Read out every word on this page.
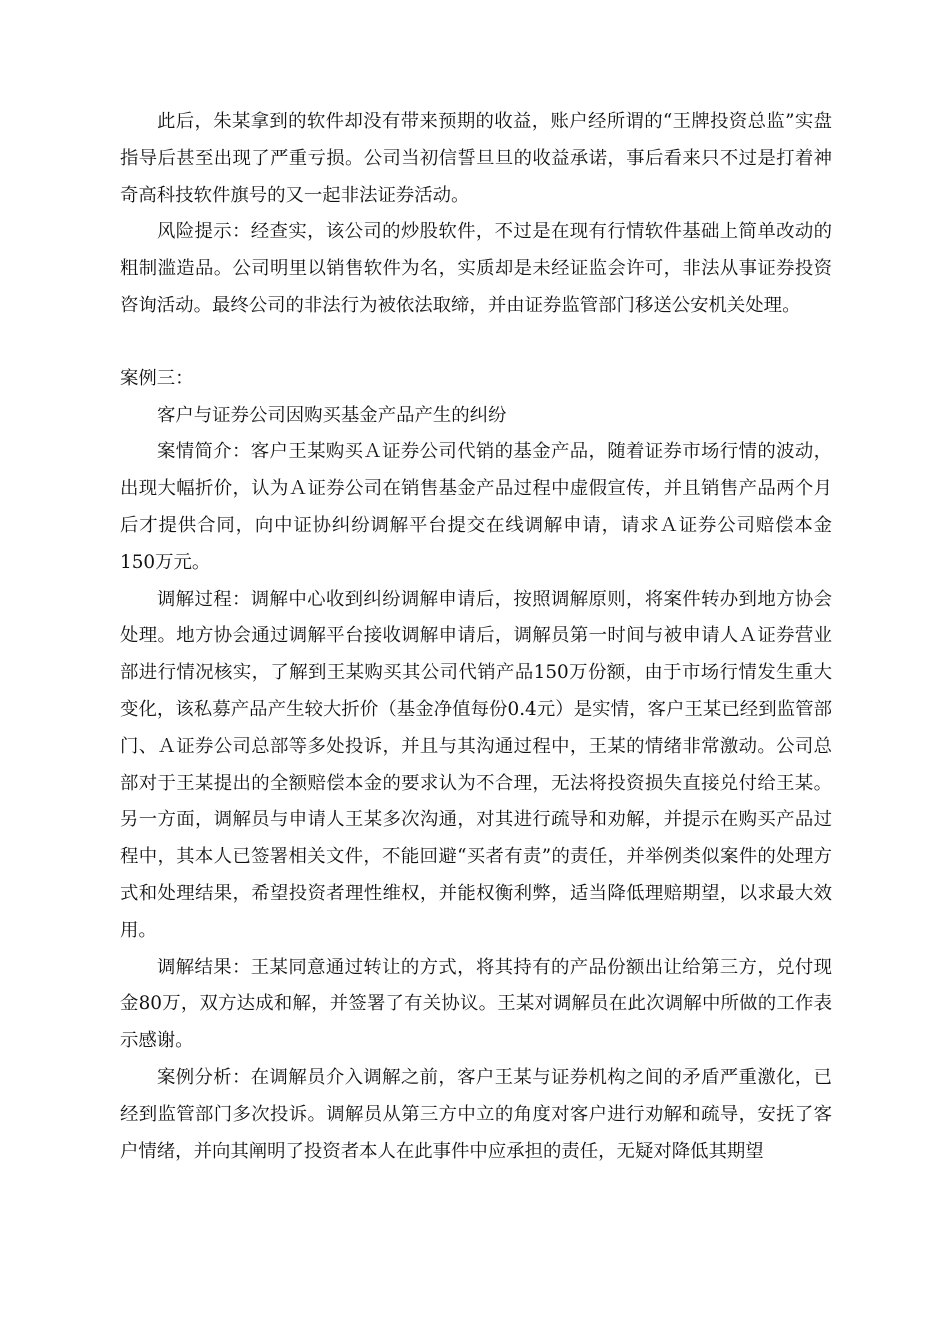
此后，朱某拿到的软件却没有带来预期的收益，账户经所谓的“王牌投资总监”实盘指导后甚至出现了严重亏损。公司当初信誓旦旦的收益承诺，事后看来只不过是打着神奇高科技软件旗号的又一起非法证券活动。

风险提示：经查实，该公司的炒股软件，不过是在现有行情软件基础上简单改动的粗制滥造品。公司明里以销售软件为名，实质却是未经证监会许可，非法从事证券投资咨询活动。最终公司的非法行为被依法取缔，并由证券监管部门移送公安机关处理。

案例三：

客户与证券公司因购买基金产品产生的纠纷

案情简介：客户王某购买Ａ证券公司代销的基金产品，随着证券市场行情的波动，出现大幅折价，认为Ａ证券公司在销售基金产品过程中虚假宣传，并且销售产品两个月后才提供合同，向中证协纠纷调解平台提交在线调解申请，请求Ａ证券公司赔偿本金150万元。

调解过程：调解中心收到纠纷调解申请后，按照调解原则，将案件转办到地方协会处理。地方协会通过调解平台接收调解申请后，调解员第一时间与被申请人Ａ证券营业部进行情况核实，了解到王某购买其公司代销产品150万份额，由于市场行情发生重大变化，该私募产品产生较大折价（基金净值每份0.4元）是实情，客户王某已经到监管部门、Ａ证券公司总部等多处投诉，并且与其沟通过程中，王某的情绪非常激动。公司总部对于王某提出的全额赔偿本金的要求认为不合理，无法将投资损失直接兑付给王某。另一方面，调解员与申请人王某多次沟通，对其进行疏导和劝解，并提示在购买产品过程中，其本人已签署相关文件，不能回避“买者有责”的责任，并举例类似案件的处理方式和处理结果，希望投资者理性维权，并能权衡利弊，适当降低理赔期望，以求最大效用。

调解结果：王某同意通过转让的方式，将其持有的产品份额出让给第三方，兑付现金80万，双方达成和解，并签署了有关协议。王某对调解员在此次调解中所做的工作表示感谢。

案例分析：在调解员介入调解之前，客户王某与证券机构之间的矛盾严重激化，已经到监管部门多次投诉。调解员从第三方中立的角度对客户进行劝解和疏导，安抚了客户情绪，并向其阐明了投资者本人在此事件中应承担的责任，无疑对降低其期望
